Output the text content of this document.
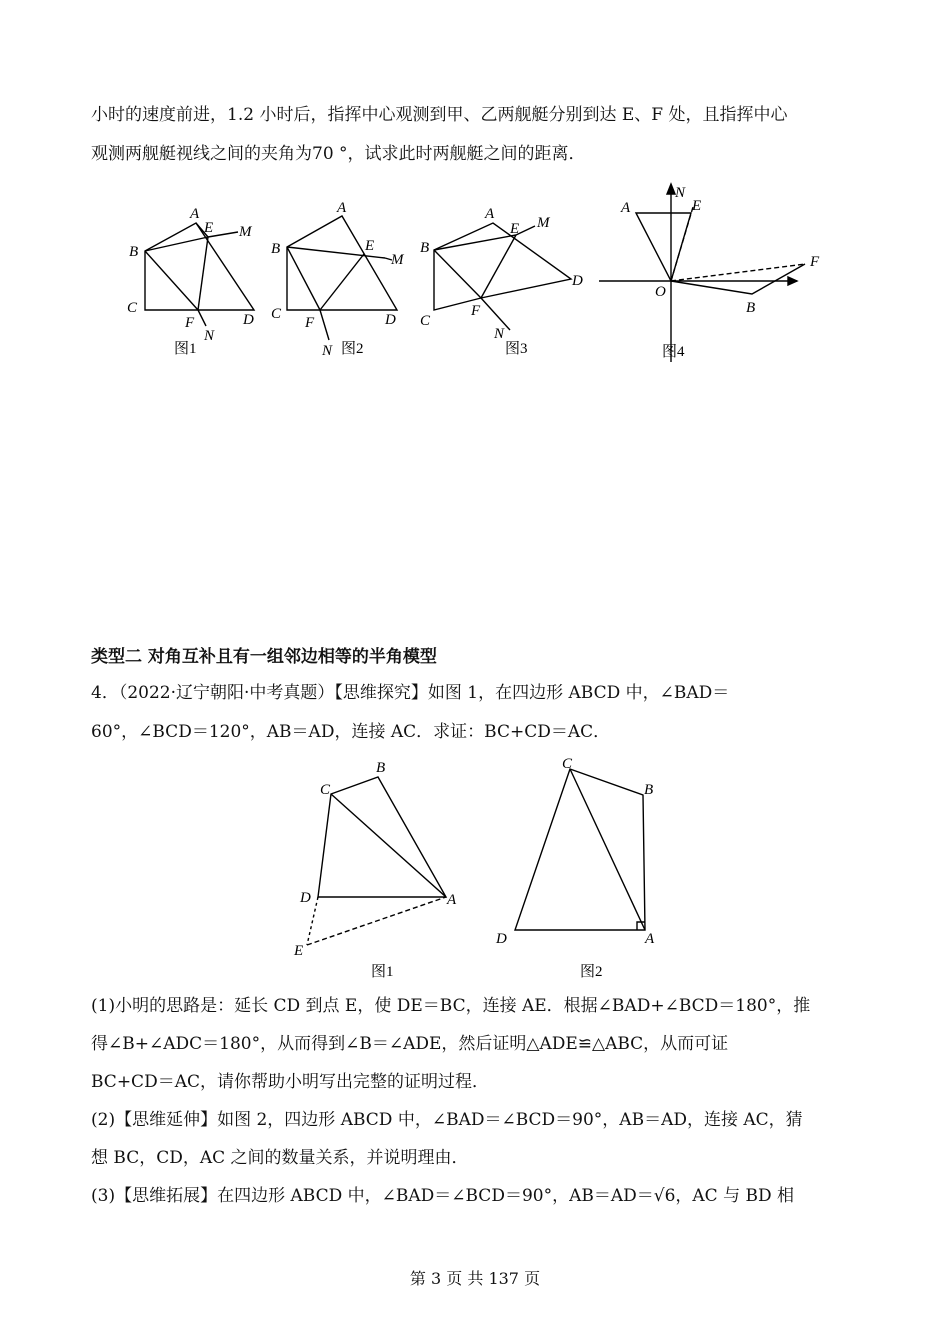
小时的速度前进，1.2 小时后，指挥中心观测到甲、乙两舰艇分别到达 E、F 处，且指挥中心
观测两舰艇视线之间的夹角为70 °，试求此时两舰艇之间的距离．
A
B
C
D
E
F
M
N
A
B
C	D
E
F
M
N
A
B
C
D
E
F
M
N
A	E
N
O
B
F
C
B
D	A
E
C
B
D	A
图1	图2	图3	图4
图1	图2
类型二 对角互补且有一组邻边相等的半角模型
4．（2022·辽宁朝阳·中考真题）【思维探究】如图 1，在四边形 ABCD 中，∠BAD＝
60°，∠BCD＝120°，AB＝AD，连接 AC．求证：BC+CD＝AC．
(1)小明的思路是：延长 CD 到点 E，使 DE＝BC，连接 AE．根据∠BAD+∠BCD＝180°，推
得∠B+∠ADC＝180°，从而得到∠B＝∠ADE，然后证明△ADE≌△ABC，从而可证
BC+CD＝AC，请你帮助小明写出完整的证明过程．
(2)【思维延伸】如图 2，四边形 ABCD 中，∠BAD＝∠BCD＝90°，AB＝AD，连接 AC，猜
想 BC，CD，AC 之间的数量关系，并说明理由．
(3)【思维拓展】在四边形 ABCD 中，∠BAD＝∠BCD＝90°，AB＝AD＝√6，AC 与 BD 相
第 3 页 共 137 页
